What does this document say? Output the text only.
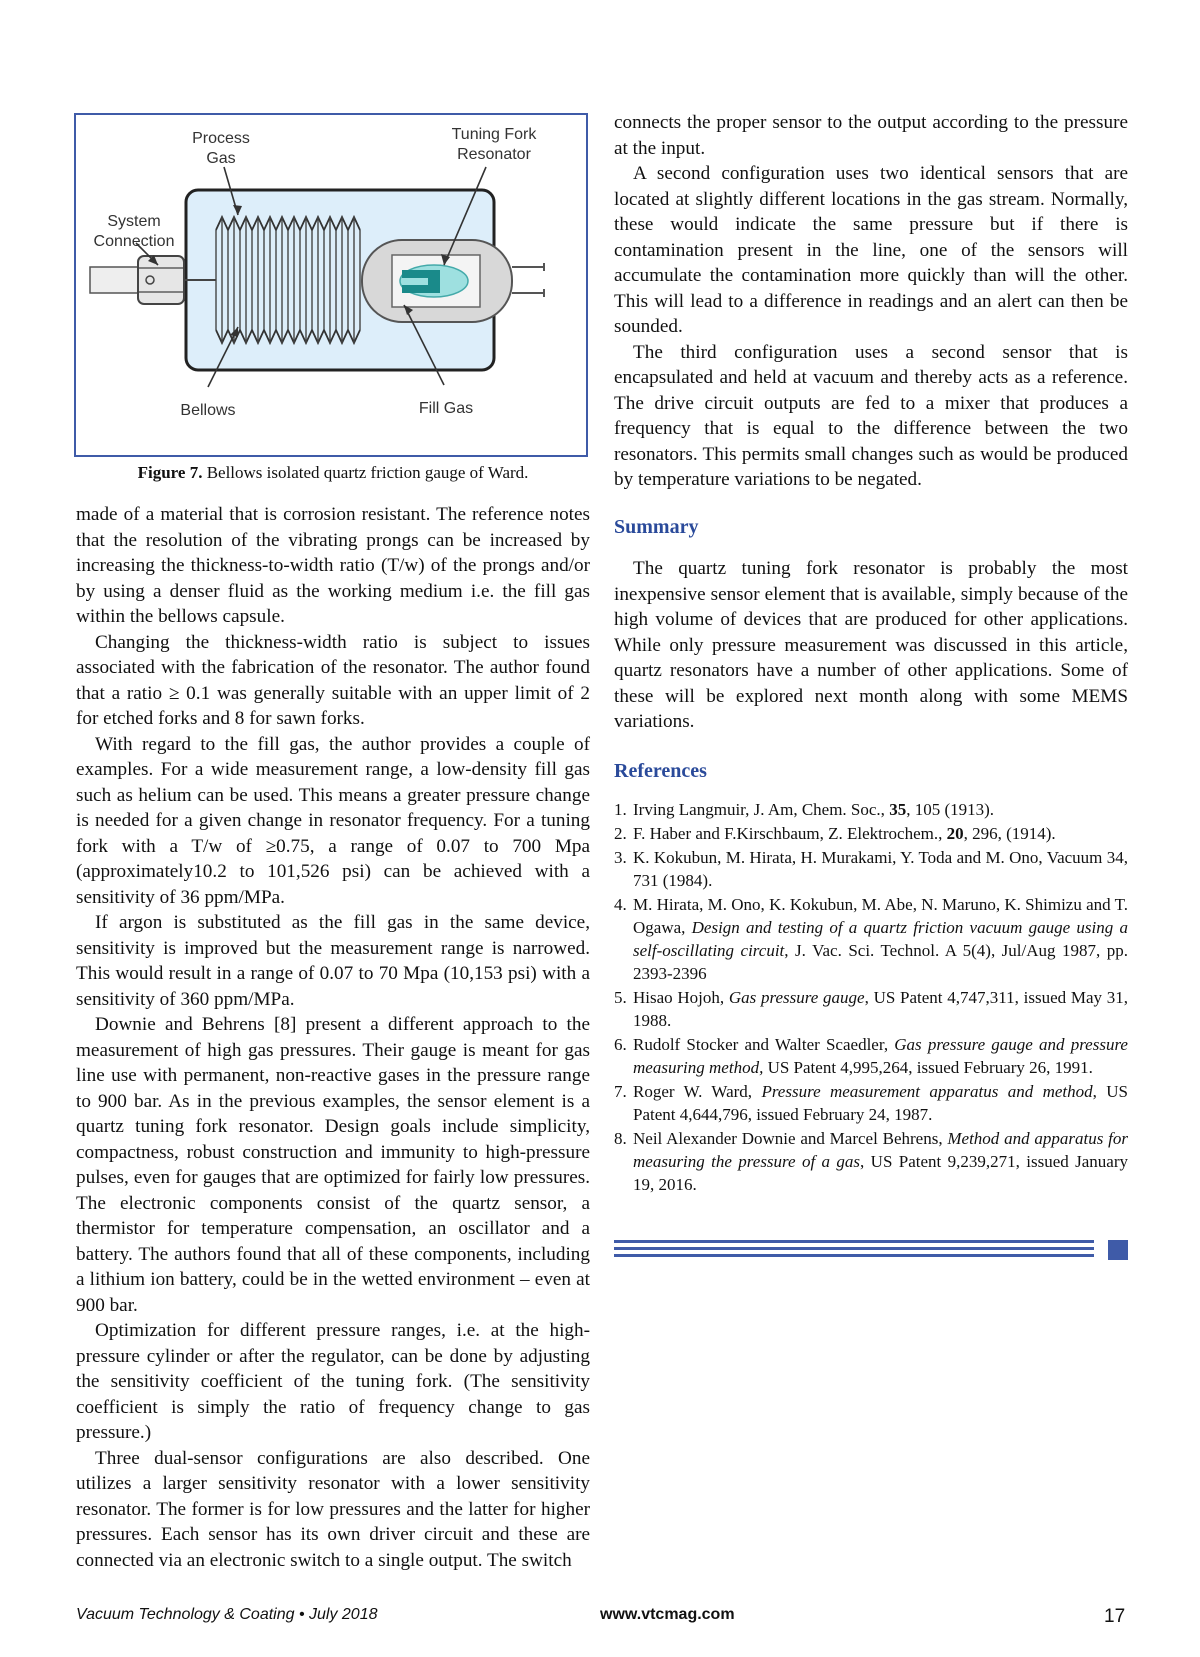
Process
Gas
Tuning Fork
Resonator
System
Connection
Bellows	Fill Gas
Figure 7. Bellows isolated quartz friction gauge of Ward.

made of a material that is corrosion resistant. The reference notes that the resolution of the vibrating prongs can be increased by increasing the thickness-to-width ratio (T/w) of the prongs and/or by using a denser fluid as the working medium i.e. the fill gas within the bellows capsule.

Changing the thickness-width ratio is subject to issues associated with the fabrication of the resonator. The author found that a ratio ≥ 0.1 was generally suitable with an upper limit of 2 for etched forks and 8 for sawn forks.

With regard to the fill gas, the author provides a couple of examples. For a wide measurement range, a low-density fill gas such as helium can be used. This means a greater pressure change is needed for a given change in resonator frequency. For a tuning fork with a T/w of ≥0.75, a range of 0.07 to 700 Mpa (approximately10.2 to 101,526 psi) can be achieved with a sensitivity of 36 ppm/MPa.

If argon is substituted as the fill gas in the same device, sensitivity is improved but the measurement range is narrowed. This would result in a range of 0.07 to 70 Mpa (10,153 psi) with a sensitivity of 360 ppm/MPa.

Downie and Behrens [8] present a different approach to the measurement of high gas pressures. Their gauge is meant for gas line use with permanent, non-reactive gases in the pressure range to 900 bar. As in the previous examples, the sensor element is a quartz tuning fork resonator. Design goals include simplicity, compactness, robust construction and immunity to high-pressure pulses, even for gauges that are optimized for fairly low pressures. The electronic components consist of the quartz sensor, a thermistor for temperature compensation, an oscillator and a battery. The authors found that all of these components, including a lithium ion battery, could be in the wetted environment – even at 900 bar.

Optimization for different pressure ranges, i.e. at the high-pressure cylinder or after the regulator, can be done by adjusting the sensitivity coefficient of the tuning fork. (The sensitivity coefficient is simply the ratio of frequency change to gas pressure.)

Three dual-sensor configurations are also described. One utilizes a larger sensitivity resonator with a lower sensitivity resonator. The former is for low pressures and the latter for higher pressures. Each sensor has its own driver circuit and these are connected via an electronic switch to a single output. The switch

connects the proper sensor to the output according to the pressure at the input.

A second configuration uses two identical sensors that are located at slightly different locations in the gas stream. Normally, these would indicate the same pressure but if there is contamination present in the line, one of the sensors will accumulate the contamination more quickly than will the other. This will lead to a difference in readings and an alert can then be sounded.

The third configuration uses a second sensor that is encapsulated and held at vacuum and thereby acts as a reference. The drive circuit outputs are fed to a mixer that produces a frequency that is equal to the difference between the two resonators. This permits small changes such as would be produced by temperature variations to be negated.

Summary

The quartz tuning fork resonator is probably the most inexpensive sensor element that is available, simply because of the high volume of devices that are produced for other applications. While only pressure measurement was discussed in this article, quartz resonators have a number of other applications. Some of these will be explored next month along with some MEMS variations.

References
1. Irving Langmuir, J. Am, Chem. Soc., 35, 105 (1913).
2. F. Haber and F.Kirschbaum, Z. Elektrochem., 20, 296, (1914).
3. K. Kokubun, M. Hirata, H. Murakami, Y. Toda and M. Ono, Vacuum 34, 731 (1984).
4. M. Hirata, M. Ono, K. Kokubun, M. Abe, N. Maruno, K. Shimizu and T. Ogawa, Design and testing of a quartz friction vacuum gauge using a self-oscillating circuit, J. Vac. Sci. Technol. A 5(4), Jul/Aug 1987, pp. 2393-2396
5. Hisao Hojoh, Gas pressure gauge, US Patent 4,747,311, issued May 31, 1988.
6. Rudolf Stocker and Walter Scaedler, Gas pressure gauge and pressure measuring method, US Patent 4,995,264, issued February 26, 1991.
7. Roger W. Ward, Pressure measurement apparatus and method, US Patent 4,644,796, issued February 24, 1987.
8. Neil Alexander Downie and Marcel Behrens, Method and apparatus for measuring the pressure of a gas, US Patent 9,239,271, issued January 19, 2016.
Vacuum Technology & Coating • July 2018	www.vtcmag.com	17
